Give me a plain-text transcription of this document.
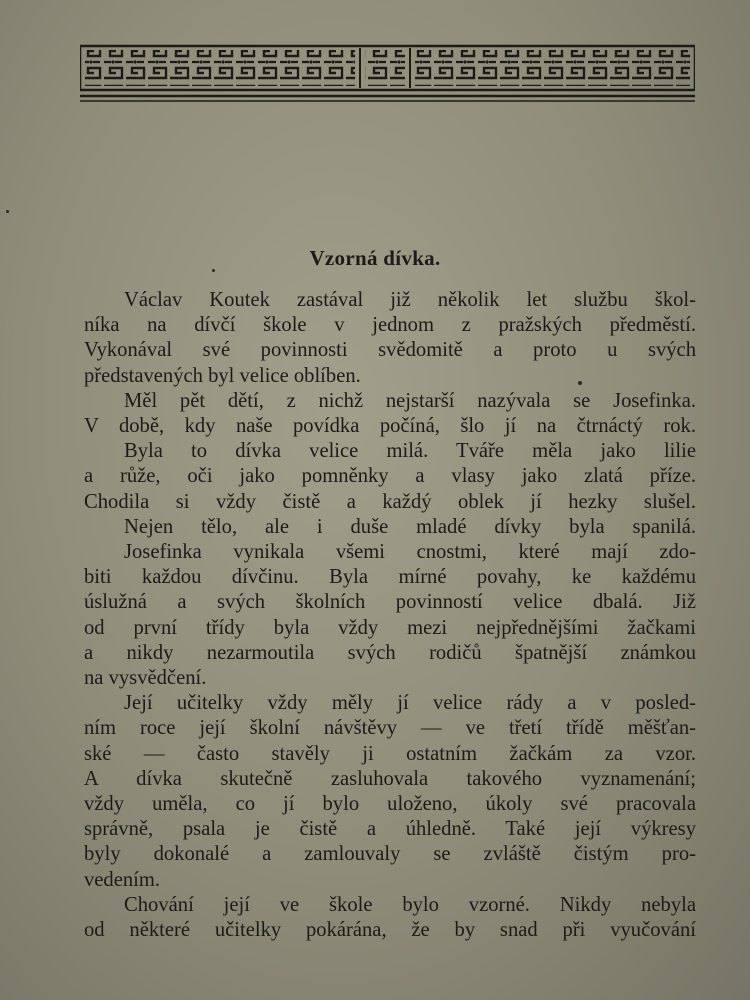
Vzorná dívka.

Václav Koutek zastával již několik let službu škol-

níka na dívčí škole v jednom z pražských předměstí.

Vykonával své povinnosti svědomitě a proto u svých

představených byl velice oblíben.

Měl pět dětí, z nichž nejstarší nazývala se Josefinka.

V době, kdy naše povídka počíná, šlo jí na čtrnáctý rok.

Byla to dívka velice milá. Tváře měla jako lilie

a růže, oči jako pomněnky a vlasy jako zlatá příze.

Chodila si vždy čistě a každý oblek jí hezky slušel.

Nejen tělo, ale i duše mladé dívky byla spanilá.

Josefinka vynikala všemi cnostmi, které mají zdo-

biti každou dívčinu. Byla mírné povahy, ke každému

úslužná a svých školních povinností velice dbalá. Již

od první třídy byla vždy mezi nejpřednějšími žačkami

a nikdy nezarmoutila svých rodičů špatnější známkou

na vysvědčení.

Její učitelky vždy měly jí velice rády a v posled-

ním roce její školní návštěvy — ve třetí třídě měšťan-

ské — často stavěly ji ostatním žačkám za vzor.

A dívka skutečně zasluhovala takového vyznamenání;

vždy uměla, co jí bylo uloženo, úkoly své pracovala

správně, psala je čistě a úhledně. Také její výkresy

byly dokonalé a zamlouvaly se zvláště čistým pro-

vedením.

Chování její ve škole bylo vzorné. Nikdy nebyla

od některé učitelky pokárána, že by snad při vyučování
